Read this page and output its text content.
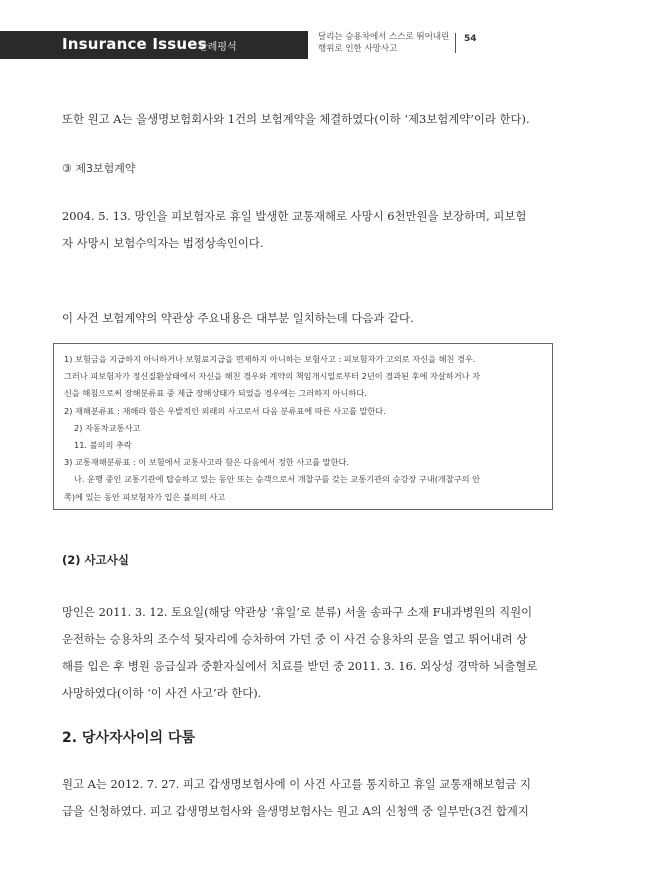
Insurance Issues
판례평석
달리는 승용차에서 스스로 뛰어내린
행위로 인한 사망사고
54

또한 원고 A는 을생명보험회사와 1건의 보험계약을 체결하였다(이하 ‘제3보험계약’이라 한다).

③ 제3보험계약
2004. 5. 13. 망인을 피보험자로 휴일 발생한 교통재해로 사망시 6천만원을 보장하며, 피보험
자 사망시 보험수익자는 법정상속인이다.

이 사건 보험계약의 약관상 주요내용은 대부분 일치하는데 다음과 같다.

1) 보험금을 지급하지 아니하거나 보험료지급을 면제하지 아니하는 보험사고 : 피보험자가 고의로 자신을 해친 경우.
그러나 피보험자가 정신질환상태에서 자신을 해친 경우와 계약의 책임개시일로부터 2년이 경과된 후에 자살하거나 자
신을 해침으로써 장해분류표 중 제급 장해상태가 되었을 경우에는 그러하지 아니하다.
2) 재해분류표 : 재해라 함은 우발적인 외래의 사고로서 다음 분류표에 따른 사고를 말한다.
2) 자동차교통사고
11. 불의의 추락
3) 교통재해분류표 : 이 보험에서 교통사고라 함은 다음에서 정한 사고를 말한다.
나. 운행 중인 교통기관에 탑승하고 있는 동안 또는 승객으로서 개찰구를 갖는 교통기관의 승강장 구내(개찰구의 안
쪽)에 있는 동안 피보험자가 입은 불의의 사고
(2) 사고사실
망인은 2011. 3. 12. 토요일(해당 약관상 ‘휴일’로 분류) 서울 송파구 소재 F내과병원의 직원이
운전하는 승용차의 조수석 뒷자리에 승차하여 가던 중 이 사건 승용차의 문을 열고 뛰어내려 상
해를 입은 후 병원 응급실과 중환자실에서 치료를 받던 중 2011. 3. 16. 외상성 경막하 뇌출혈로
사망하였다(이하 ‘이 사건 사고’라 한다).
2. 당사자사이의 다툼
원고 A는 2012. 7. 27. 피고 갑생명보험사에 이 사건 사고를 통지하고 휴일 교통재해보험금 지
급을 신청하였다. 피고 갑생명보험사와 을생명보험사는 원고 A의 신청액 중 일부만(3건 합계지
